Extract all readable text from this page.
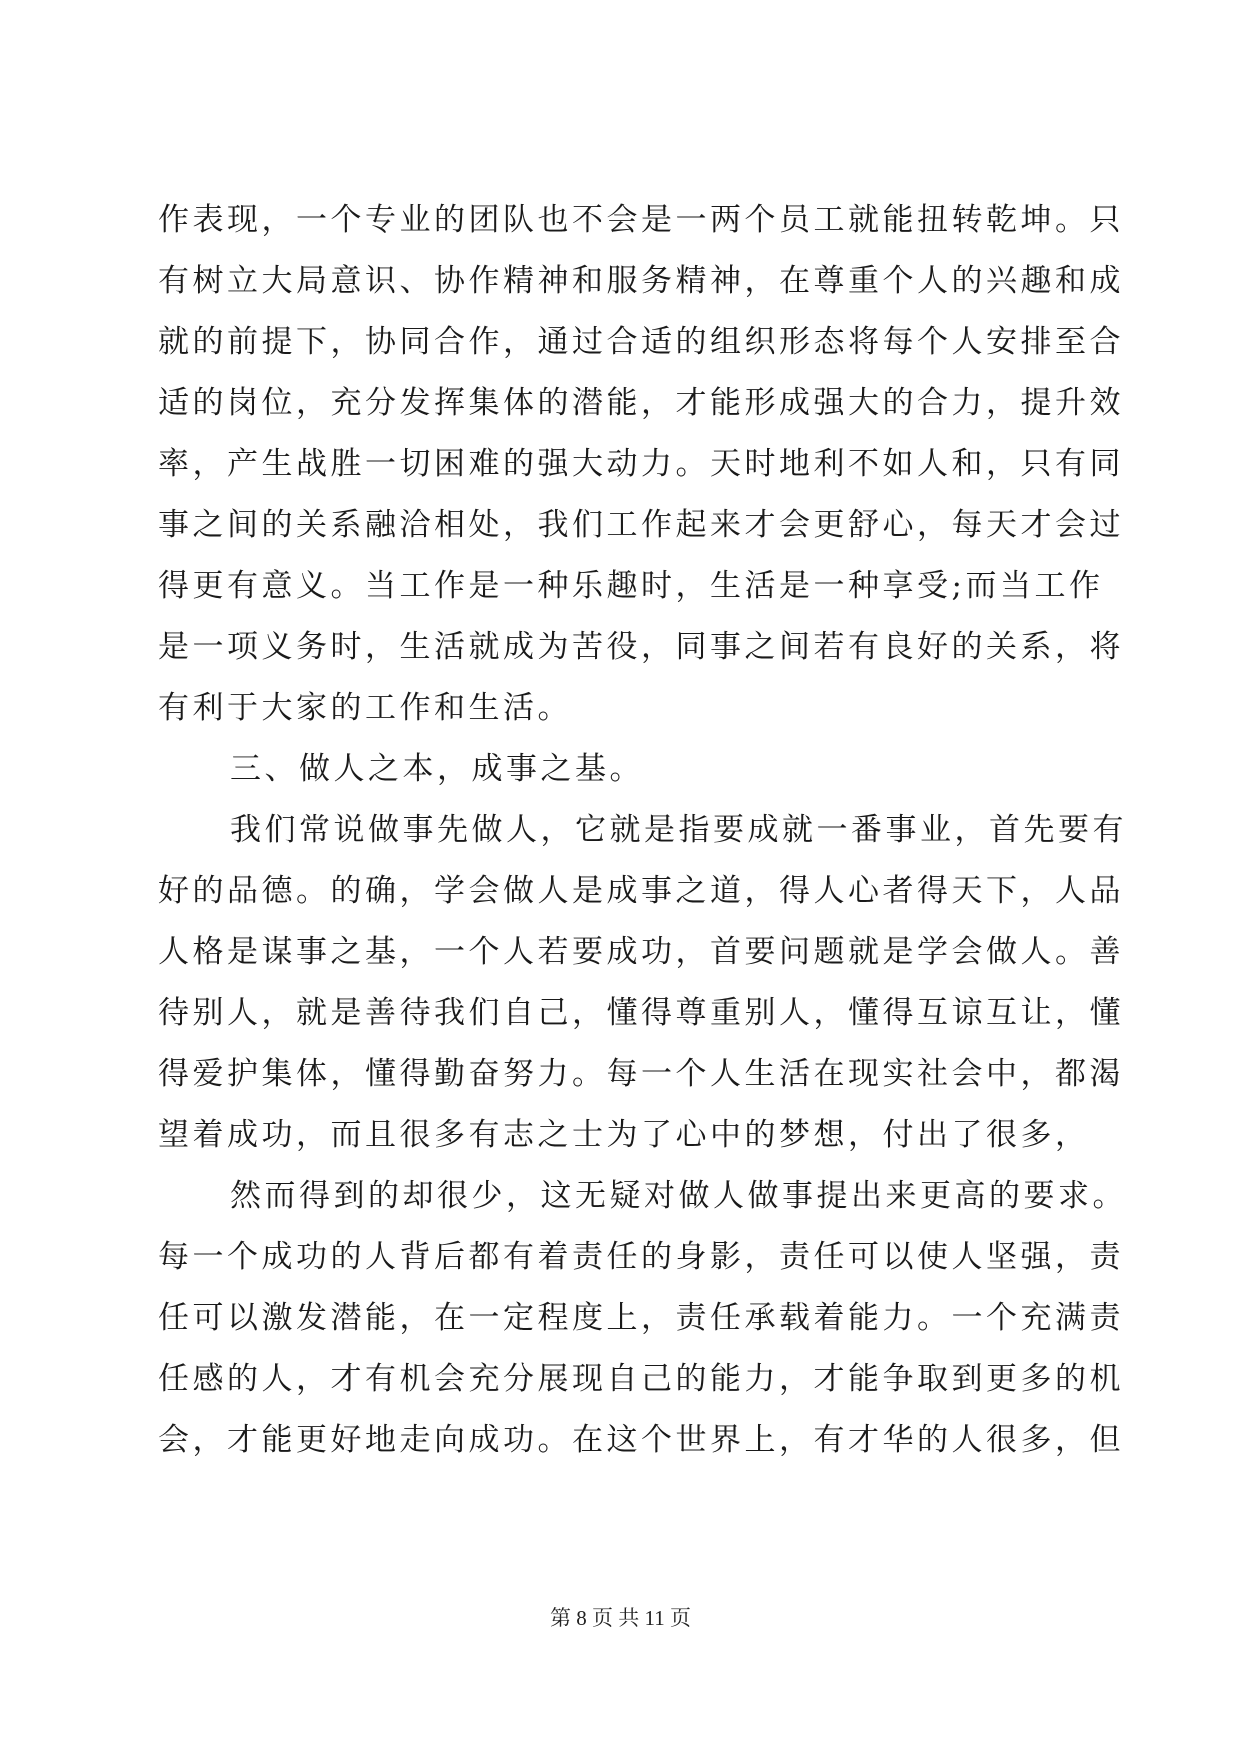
作表现，一个专业的团队也不会是一两个员工就能扭转乾坤。只
有树立大局意识、协作精神和服务精神，在尊重个人的兴趣和成
就的前提下，协同合作，通过合适的组织形态将每个人安排至合
适的岗位，充分发挥集体的潜能，才能形成强大的合力，提升效
率，产生战胜一切困难的强大动力。天时地利不如人和，只有同
事之间的关系融洽相处，我们工作起来才会更舒心，每天才会过
得更有意义。当工作是一种乐趣时，生活是一种享受;而当工作
是一项义务时，生活就成为苦役，同事之间若有良好的关系，将
有利于大家的工作和生活。
三、做人之本，成事之基。
我们常说做事先做人，它就是指要成就一番事业，首先要有
好的品德。的确，学会做人是成事之道，得人心者得天下，人品
人格是谋事之基，一个人若要成功，首要问题就是学会做人。善
待别人，就是善待我们自己，懂得尊重别人，懂得互谅互让，懂
得爱护集体，懂得勤奋努力。每一个人生活在现实社会中，都渴
望着成功，而且很多有志之士为了心中的梦想，付出了很多，
然而得到的却很少，这无疑对做人做事提出来更高的要求。
每一个成功的人背后都有着责任的身影，责任可以使人坚强，责
任可以激发潜能，在一定程度上，责任承载着能力。一个充满责
任感的人，才有机会充分展现自己的能力，才能争取到更多的机
会，才能更好地走向成功。在这个世界上，有才华的人很多，但
第 8 页 共 11 页
